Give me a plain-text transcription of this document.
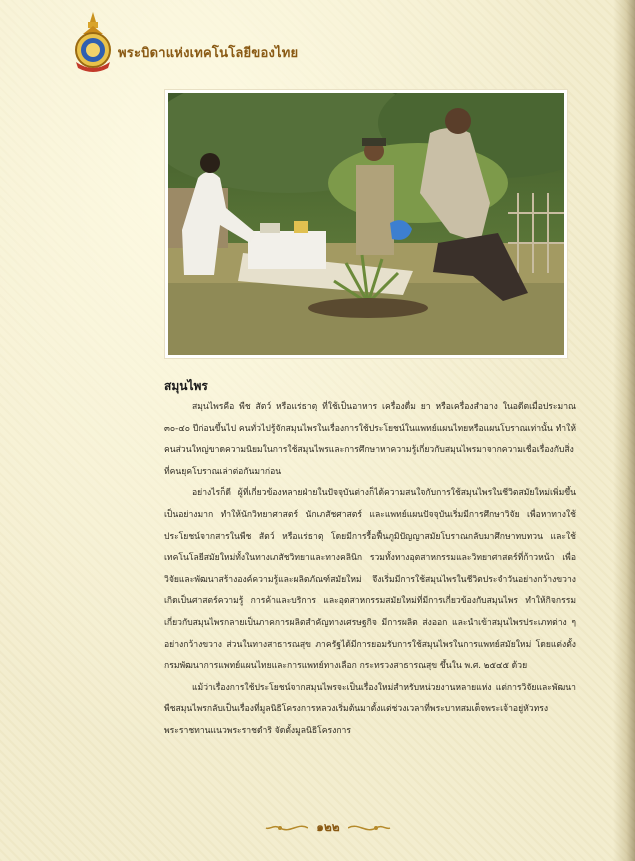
พระบิดาแห่งเทคโนโลยีของไทย
สมุนไพร

สมุนไพรคือ พืช สัตว์ หรือแร่ธาตุ ที่ใช้เป็นอาหาร เครื่องดื่ม ยา หรือเครื่องสำอาง ในอดีตเมื่อประมาณ ๓๐-๔๐ ปีก่อนขึ้นไป คนทั่วไปรู้จักสมุนไพรในเรื่องการใช้ประโยชน์ในแพทย์แผนไทยหรือแผนโบราณเท่านั้น ทำให้คนส่วนใหญ่ขาดความนิยมในการใช้สมุนไพรและการศึกษาหาความรู้เกี่ยวกับสมุนไพรมาจากความเชื่อเรื่องกับสิ่งที่คนยุคโบราณเล่าต่อกันมาก่อน

อย่างไรก็ดี ผู้ที่เกี่ยวข้องหลายฝ่ายในปัจจุบันต่างก็ได้ความสนใจกับการใช้สมุนไพรในชีวิตสมัยใหม่เพิ่มขึ้นเป็นอย่างมาก ทำให้นักวิทยาศาสตร์ นักเภสัชศาสตร์ และแพทย์แผนปัจจุบันเริ่มมีการศึกษาวิจัย เพื่อหาทางใช้ประโยชน์จากสารในพืช สัตว์ หรือแร่ธาตุ โดยมีการรื้อฟื้นภูมิปัญญาสมัยโบราณกลับมาศึกษาทบทวน และใช้เทคโนโลยีสมัยใหม่ทั้งในทางเภสัชวิทยาและทางคลินิก รวมทั้งทางอุตสาหกรรมและวิทยาศาสตร์ที่ก้าวหน้า เพื่อวิจัยและพัฒนาสร้างองค์ความรู้และผลิตภัณฑ์สมัยใหม่ จึงเริ่มมีการใช้สมุนไพรในชีวิตประจำวันอย่างกว้างขวาง เกิดเป็นศาสตร์ความรู้ การค้าและบริการ และอุตสาหกรรมสมัยใหม่ที่มีการเกี่ยวข้องกับสมุนไพร ทำให้กิจกรรมเกี่ยวกับสมุนไพรกลายเป็นภาคการผลิตสำคัญทางเศรษฐกิจ มีการผลิต ส่งออก และนำเข้าสมุนไพรประเภทต่าง ๆ อย่างกว้างขวาง ส่วนในทางสาธารณสุข ภาครัฐได้มีการยอมรับการใช้สมุนไพรในการแพทย์สมัยใหม่ โดยแต่งตั้งกรมพัฒนาการแพทย์แผนไทยและการแพทย์ทางเลือก กระทรวงสาธารณสุข ขึ้นใน พ.ศ. ๒๕๔๕ ด้วย

แม้ว่าเรื่องการใช้ประโยชน์จากสมุนไพรจะเป็นเรื่องใหม่สำหรับหน่วยงานหลายแห่ง แต่การวิจัยและพัฒนาพืชสมุนไพรกลับเป็นเรื่องที่มูลนิธิโครงการหลวงเริ่มต้นมาตั้งแต่ช่วงเวลาที่พระบาทสมเด็จพระเจ้าอยู่หัวทรงพระราชทานแนวพระราชดำริ จัดตั้งมูลนิธิโครงการ

๑๒๒
